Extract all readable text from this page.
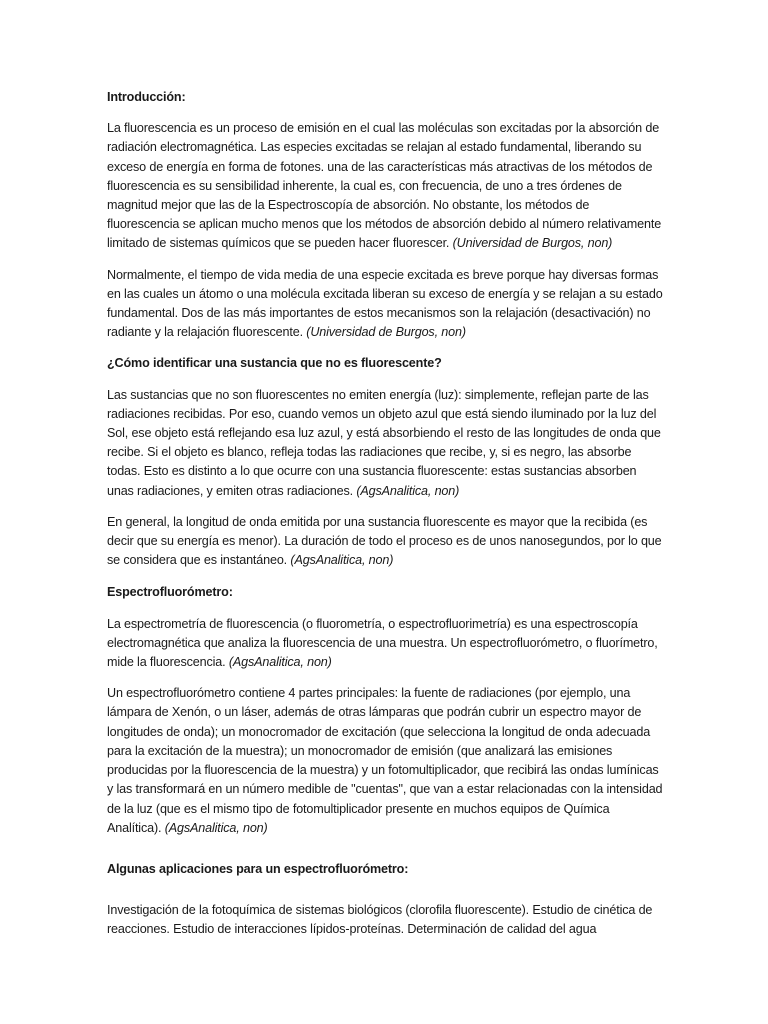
Introducción:

La fluorescencia es un proceso de emisión en el cual las moléculas son excitadas por la absorción de radiación electromagnética. Las especies excitadas se relajan al estado fundamental, liberando su exceso de energía en forma de fotones. una de las características más atractivas de los métodos de fluorescencia es su sensibilidad inherente, la cual es, con frecuencia, de uno a tres órdenes de magnitud mejor que las de la Espectroscopía de absorción. No obstante, los métodos de fluorescencia se aplican mucho menos que los métodos de absorción debido al número relativamente limitado de sistemas químicos que se pueden hacer fluorescer. (Universidad de Burgos, non)

Normalmente, el tiempo de vida media de una especie excitada es breve porque hay diversas formas en las cuales un átomo o una molécula excitada liberan su exceso de energía y se relajan a su estado fundamental. Dos de las más importantes de estos mecanismos son la relajación (desactivación) no radiante y la relajación fluorescente. (Universidad de Burgos, non)

¿Cómo identificar una sustancia que no es fluorescente?

Las sustancias que no son fluorescentes no emiten energía (luz): simplemente, reflejan parte de las radiaciones recibidas. Por eso, cuando vemos un objeto azul que está siendo iluminado por la luz del Sol, ese objeto está reflejando esa luz azul, y está absorbiendo el resto de las longitudes de onda que recibe. Si el objeto es blanco, refleja todas las radiaciones que recibe, y, si es negro, las absorbe todas. Esto es distinto a lo que ocurre con una sustancia fluorescente: estas sustancias absorben unas radiaciones, y emiten otras radiaciones. (AgsAnalitica, non)

En general, la longitud de onda emitida por una sustancia fluorescente es mayor que la recibida (es decir que su energía es menor). La duración de todo el proceso es de unos nanosegundos, por lo que se considera que es instantáneo. (AgsAnalitica, non)

Espectrofluorómetro:

La espectrometría de fluorescencia (o fluorometría, o espectrofluorimetría) es una espectroscopía electromagnética que analiza la fluorescencia de una muestra. Un espectrofluorómetro, o fluorímetro, mide la fluorescencia. (AgsAnalitica, non)

Un espectrofluorómetro contiene 4 partes principales: la fuente de radiaciones (por ejemplo, una lámpara de Xenón, o un láser, además de otras lámparas que podrán cubrir un espectro mayor de longitudes de onda); un monocromador de excitación (que selecciona la longitud de onda adecuada para la excitación de la muestra); un monocromador de emisión (que analizará las emisiones producidas por la fluorescencia de la muestra) y un fotomultiplicador, que recibirá las ondas lumínicas y las transformará en un número medible de "cuentas", que van a estar relacionadas con la intensidad de la luz (que es el mismo tipo de fotomultiplicador presente en muchos equipos de Química Analítica). (AgsAnalitica, non)

Algunas aplicaciones para un espectrofluorómetro:

Investigación de la fotoquímica de sistemas biológicos (clorofila fluorescente). Estudio de cinética de reacciones. Estudio de interacciones lípidos-proteínas. Determinación de calidad del agua
